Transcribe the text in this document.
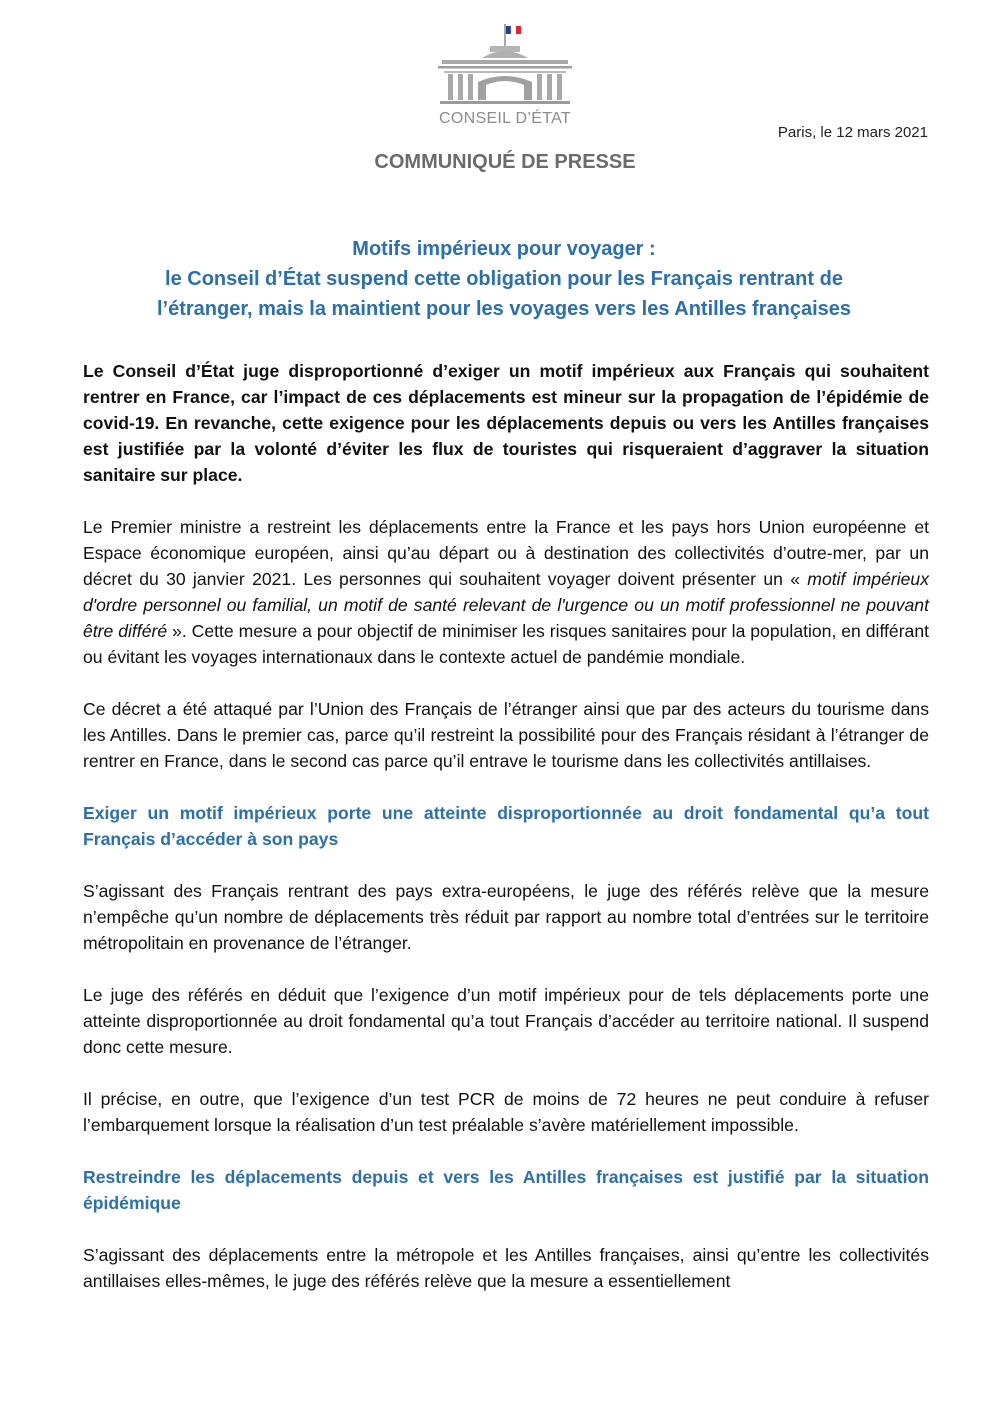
CONSEIL D’ÉTAT
Paris, le 12 mars 2021
COMMUNIQUÉ DE PRESSE
Motifs impérieux pour voyager :
le Conseil d’État suspend cette obligation pour les Français rentrant de
l’étranger, mais la maintient pour les voyages vers les Antilles françaises

Le Conseil d’État juge disproportionné d’exiger un motif impérieux aux Français qui souhaitent rentrer en France, car l’impact de ces déplacements est mineur sur la propagation de l’épidémie de covid-19. En revanche, cette exigence pour les déplacements depuis ou vers les Antilles françaises est justifiée par la volonté d’éviter les flux de touristes qui risqueraient d’aggraver la situation sanitaire sur place.

Le Premier ministre a restreint les déplacements entre la France et les pays hors Union européenne et Espace économique européen, ainsi qu’au départ ou à destination des collectivités d’outre-mer, par un décret du 30 janvier 2021. Les personnes qui souhaitent voyager doivent présenter un « motif impérieux d'ordre personnel ou familial, un motif de santé relevant de l'urgence ou un motif professionnel ne pouvant être différé ». Cette mesure a pour objectif de minimiser les risques sanitaires pour la population, en différant ou évitant les voyages internationaux dans le contexte actuel de pandémie mondiale.

Ce décret a été attaqué par l’Union des Français de l’étranger ainsi que par des acteurs du tourisme dans les Antilles. Dans le premier cas, parce qu’il restreint la possibilité pour des Français résidant à l’étranger de rentrer en France, dans le second cas parce qu’il entrave le tourisme dans les collectivités antillaises.

Exiger un motif impérieux porte une atteinte disproportionnée au droit fondamental qu’a tout Français d’accéder à son pays

S’agissant des Français rentrant des pays extra-européens, le juge des référés relève que la mesure n’empêche qu’un nombre de déplacements très réduit par rapport au nombre total d’entrées sur le territoire métropolitain en provenance de l’étranger.

Le juge des référés en déduit que l’exigence d’un motif impérieux pour de tels déplacements porte une atteinte disproportionnée au droit fondamental qu’a tout Français d’accéder au territoire national. Il suspend donc cette mesure.

Il précise, en outre, que l’exigence d’un test PCR de moins de 72 heures ne peut conduire à refuser l’embarquement lorsque la réalisation d’un test préalable s’avère matériellement impossible.

Restreindre les déplacements depuis et vers les Antilles françaises est justifié par la situation épidémique

S’agissant des déplacements entre la métropole et les Antilles françaises, ainsi qu’entre les collectivités antillaises elles-mêmes, le juge des référés relève que la mesure a essentiellement
